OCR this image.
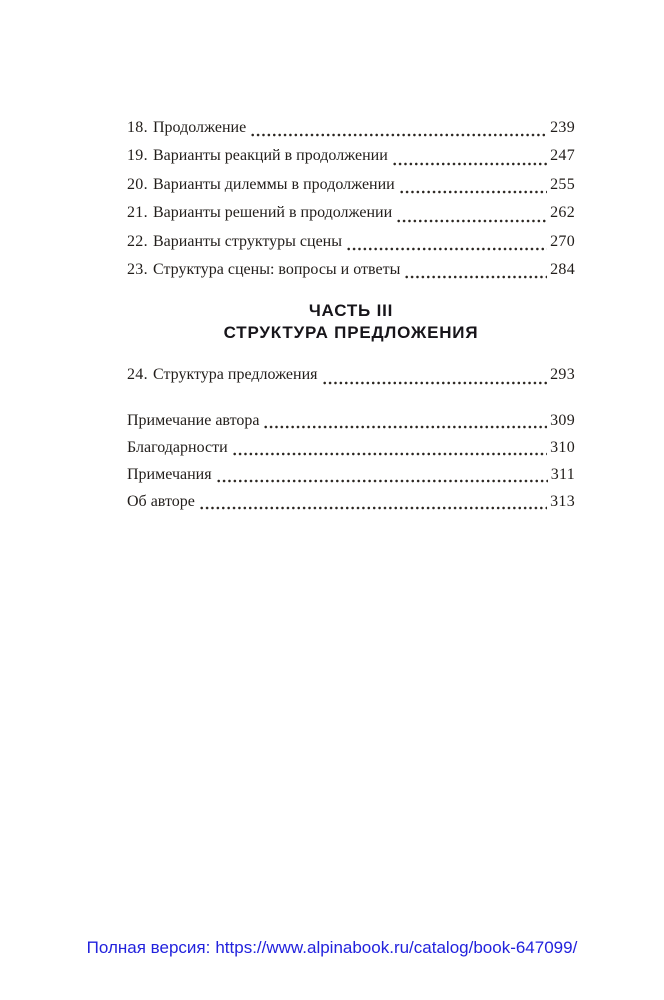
18. Продолжение	239
19. Варианты реакций в продолжении	247
20. Варианты дилеммы в продолжении	255
21. Варианты решений в продолжении	262
22. Варианты структуры сцены	270
23. Структура сцены: вопросы и ответы	284
ЧАСТЬ III
СТРУКТУРА ПРЕДЛОЖЕНИЯ
24. Структура предложения	293
Примечание автора	309
Благодарности	310
Примечания	311
Об авторе	313
Полная версия: https://www.alpinabook.ru/catalog/book-647099/
